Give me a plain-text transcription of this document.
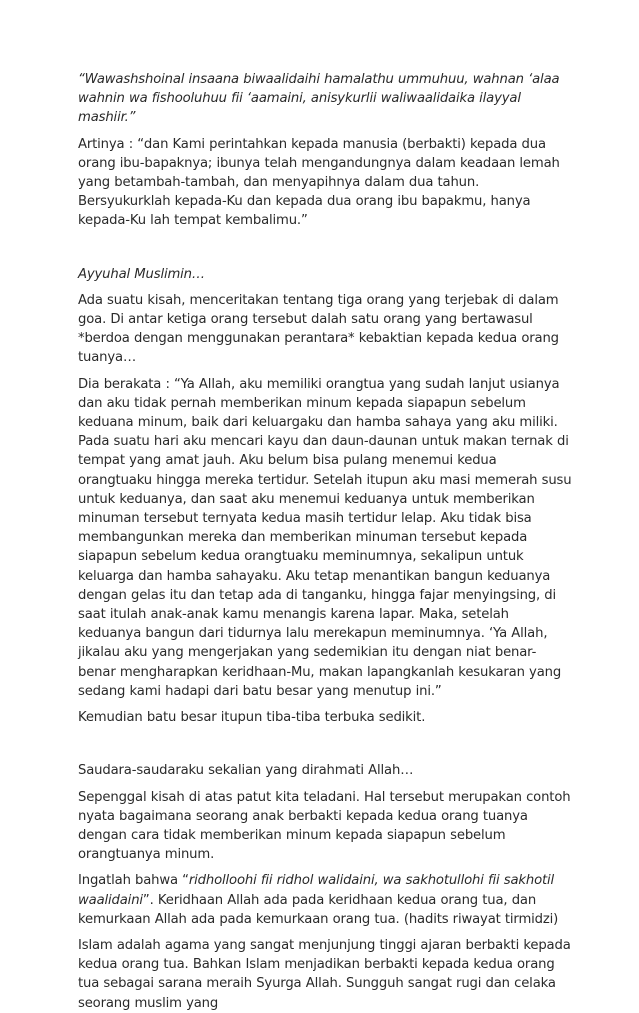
“Wawashshoinal insaana biwaalidaihi hamalathu ummuhuu, wahnan ‘alaa wahnin wa fishooluhuu fii ‘aamaini, anisykurlii waliwaalidaika ilayyal mashiir.”

Artinya : “dan Kami perintahkan kepada manusia (berbakti) kepada dua orang ibu-bapaknya; ibunya telah mengandungnya dalam keadaan lemah yang betambah-tambah, dan menyapihnya dalam dua tahun. Bersyukurklah kepada-Ku dan kepada dua orang ibu bapakmu, hanya kepada-Ku lah tempat kembalimu.”

Ayyuhal Muslimin…

Ada suatu kisah, menceritakan tentang tiga orang yang terjebak di dalam goa. Di antar ketiga orang tersebut dalah satu orang yang bertawasul *berdoa dengan menggunakan perantara* kebaktian kepada kedua orang tuanya…

Dia berakata : “Ya Allah, aku memiliki orangtua yang sudah lanjut usianya dan aku tidak pernah memberikan minum kepada siapapun sebelum keduana minum, baik dari keluargaku dan hamba sahaya yang aku miliki. Pada suatu hari aku mencari kayu dan daun-daunan untuk makan ternak di tempat yang amat jauh. Aku belum bisa pulang menemui kedua orangtuaku hingga mereka tertidur. Setelah itupun aku masi memerah susu untuk keduanya, dan saat aku menemui keduanya untuk memberikan minuman tersebut ternyata kedua masih tertidur lelap. Aku tidak bisa membangunkan mereka dan memberikan minuman tersebut kepada siapapun sebelum kedua orangtuaku meminumnya, sekalipun untuk keluarga dan hamba sahayaku. Aku tetap menantikan bangun keduanya dengan gelas itu dan tetap ada di tanganku, hingga fajar menyingsing, di saat itulah anak-anak kamu menangis karena lapar. Maka, setelah keduanya bangun dari tidurnya lalu merekapun meminumnya. ‘Ya Allah, jikalau aku yang mengerjakan yang sedemikian itu dengan niat benar-benar mengharapkan keridhaan-Mu, makan lapangkanlah kesukaran yang sedang kami hadapi dari batu besar yang menutup ini.”

Kemudian batu besar itupun tiba-tiba terbuka sedikit.

Saudara-saudaraku sekalian yang dirahmati Allah…

Sepenggal kisah di atas patut kita teladani. Hal tersebut merupakan contoh nyata bagaimana seorang anak berbakti kepada kedua orang tuanya dengan cara tidak memberikan minum kepada siapapun sebelum orangtuanya minum.

Ingatlah bahwa “ridholloohi fii ridhol walidaini, wa sakhotullohi fii sakhotil waalidaini”. Keridhaan Allah ada pada keridhaan kedua orang tua, dan kemurkaan Allah ada pada kemurkaan orang tua. (hadits riwayat tirmidzi)

Islam adalah agama yang sangat menjunjung tinggi ajaran berbakti kepada kedua orang tua. Bahkan Islam menjadikan berbakti kepada kedua orang tua sebagai sarana meraih Syurga Allah. Sungguh sangat rugi dan celaka seorang muslim yang
